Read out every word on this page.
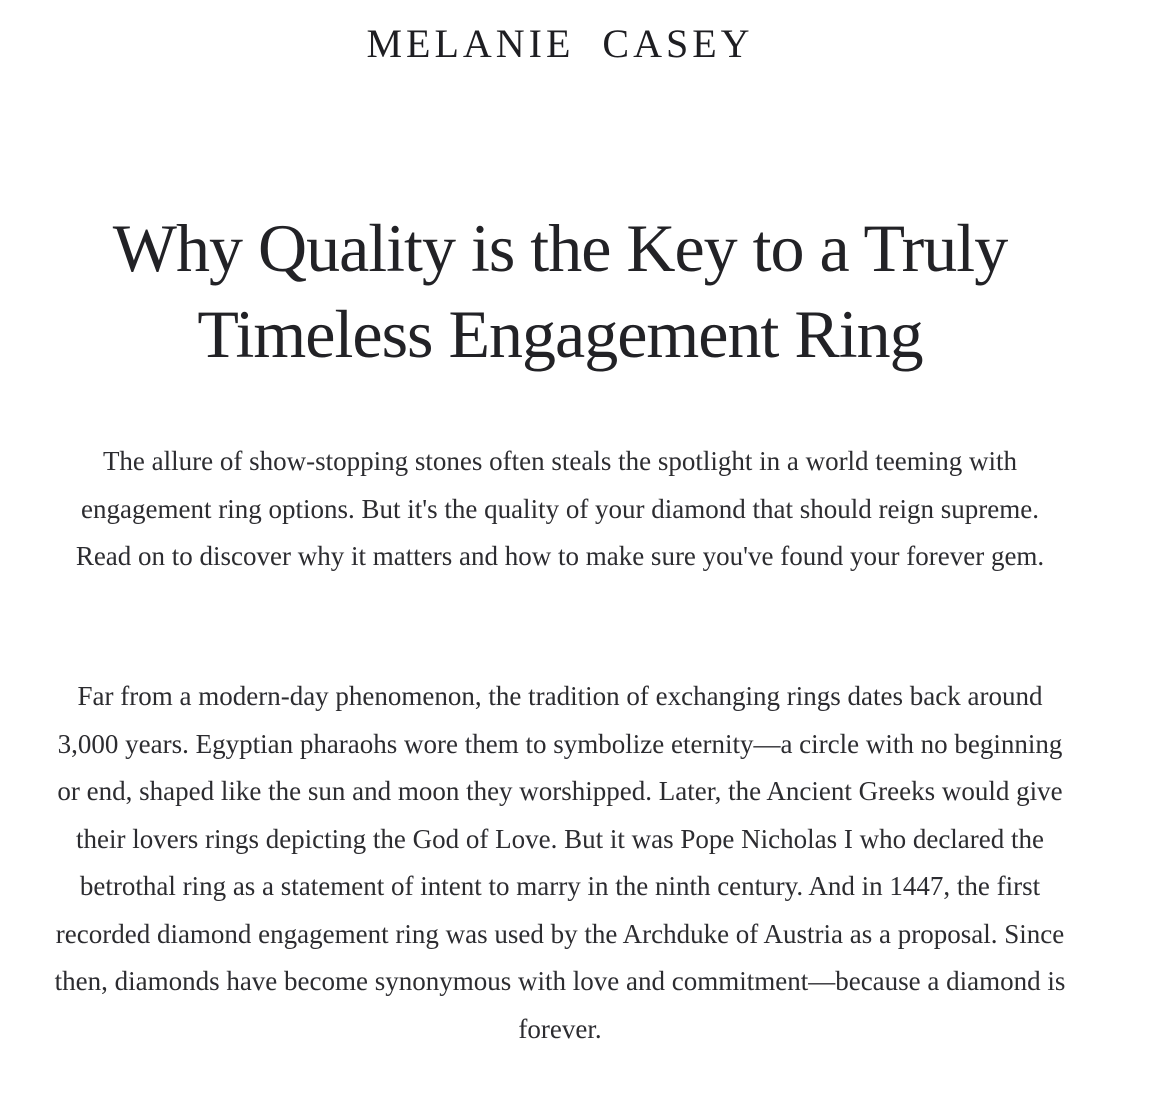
MELANIE  CASEY
Why Quality is the Key to a Truly Timeless Engagement Ring

The allure of show-stopping stones often steals the spotlight in a world teeming with engagement ring options. But it's the quality of your diamond that should reign supreme. Read on to discover why it matters and how to make sure you've found your forever gem.

Far from a modern-day phenomenon, the tradition of exchanging rings dates back around 3,000 years. Egyptian pharaohs wore them to symbolize eternity—a circle with no beginning or end, shaped like the sun and moon they worshipped. Later, the Ancient Greeks would give their lovers rings depicting the God of Love. But it was Pope Nicholas I who declared the betrothal ring as a statement of intent to marry in the ninth century. And in 1447, the first recorded diamond engagement ring was used by the Archduke of Austria as a proposal. Since then, diamonds have become synonymous with love and commitment—because a diamond is forever.
